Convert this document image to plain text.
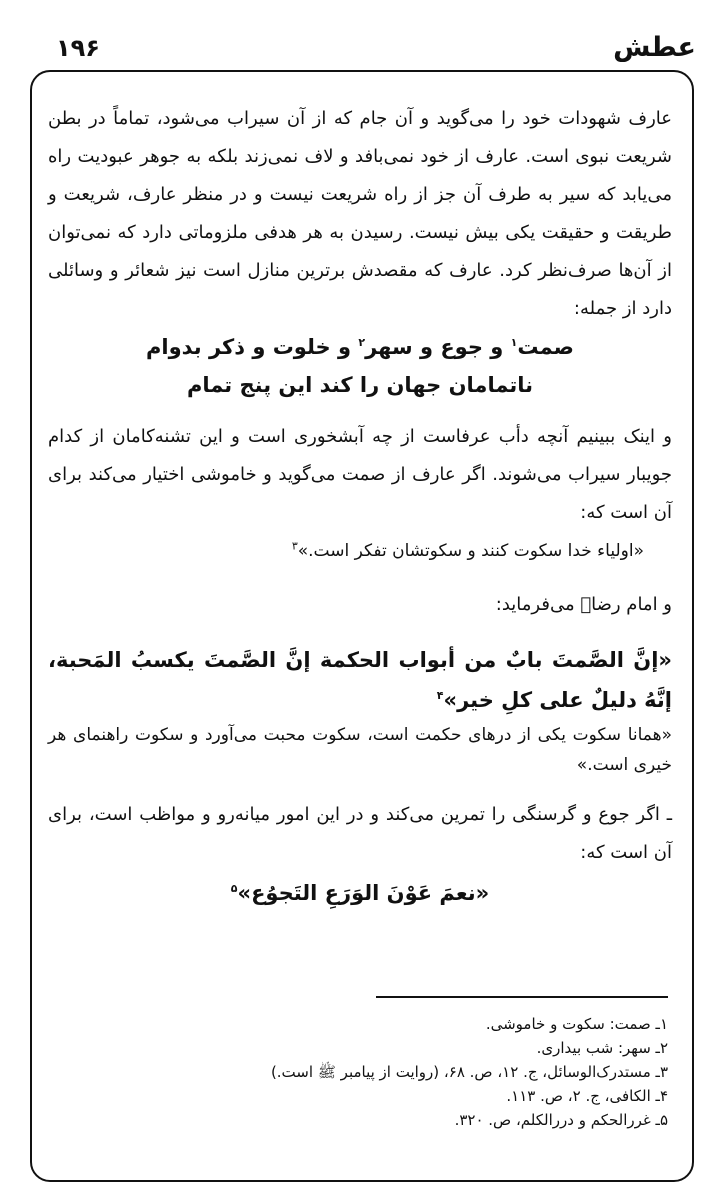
۱۹۶	عطش

عارف شهودات خود را می‌گوید و آن جام که از آن سیراب می‌شود، تماماً در بطن شریعت نبوی است. عارف از خود نمی‌بافد و لاف نمی‌زند بلکه به جوهر عبودیت راه می‌یابد که سیر به طرف آن جز از راه شریعت نیست و در منظر عارف، شریعت و طریقت و حقیقت یکی بیش نیست. رسیدن به هر هدفی ملزوماتی دارد که نمی‌توان از آن‌ها صرف‌نظر کرد. عارف که مقصدش برترین منازل است نیز شعائر و وسائلی دارد از جمله:

صمت$^۱$ و جوع و سهر$^۲$ و خلوت و ذکر بدوام
ناتمامان جهان را کند این پنج تمام

و اینک ببینیم آنچه دأب عرفاست از چه آبشخوری است و این تشنه‌کامان از کدام جویبار سیراب می‌شوند. اگر عارف از صمت می‌گوید و خاموشی اختیار می‌کند برای آن است که:

«اولیاء خدا سکوت کنند و سکوتشان تفکر است.»$^۳$

و امام رضاؑ می‌فرماید:

«إنَّ الصَّمتَ بابٌ من أبواب الحکمة إنَّ الصَّمتَ یکسبُ المَحبة، إنَّهُ دلیلٌ علی کلِ خیر»$^۴$

«همانا سکوت یکی از درهای حکمت است، سکوت محبت می‌آورد و سکوت راهنمای هر خیری است.»

ـ اگر جوع و گرسنگی را تمرین می‌کند و در این امور میانه‌رو و مواظب است، برای آن است که:

«نعمَ عَوْنَ الوَرَعِ التَجوُع»$^۵$

۱ـ صمت: سکوت و خاموشی.
۲ـ سهر: شب بیداری.
۳ـ مستدرک‌الوسائل، ج. ۱۲، ص. ۶۸، (روایت از پیامبر ﷺ است.)
۴ـ الکافی، ج. ۲، ص. ۱۱۳.
۵ـ غررالحکم و دررالکلم، ص. ۳۲۰.
